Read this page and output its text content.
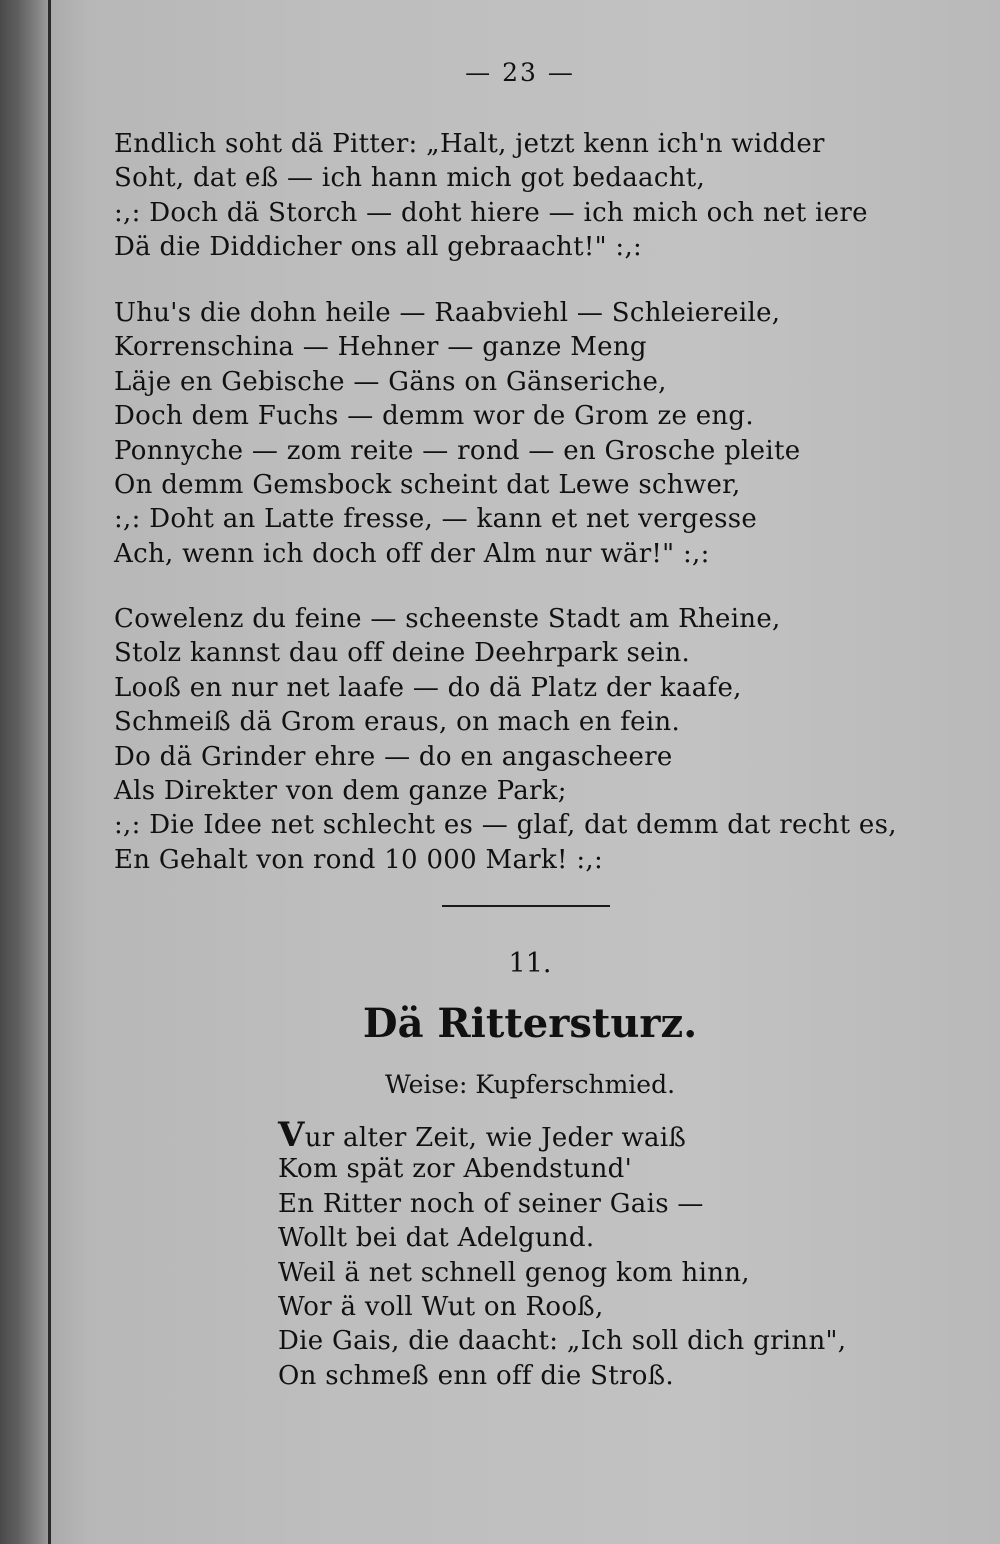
— 23 —
Endlich soht dä Pitter: „Halt, jetzt kenn ich'n widder
Soht, dat eß — ich hann mich got bedaacht,
:,: Doch dä Storch — doht hiere — ich mich och net iere
Dä die Diddicher ons all gebraacht!" :,:
Uhu's die dohn heile — Raabviehl — Schleiereile,
Korrenschina — Hehner — ganze Meng
Läje en Gebische — Gäns on Gänseriche,
Doch dem Fuchs — demm wor de Grom ze eng.
Ponnyche — zom reite — rond — en Grosche pleite
On demm Gemsbock scheint dat Lewe schwer,
:,: Doht an Latte fresse, — kann et net vergesse
Ach, wenn ich doch off der Alm nur wär!" :,:
Cowelenz du feine — scheenste Stadt am Rheine,
Stolz kannst dau off deine Deehrpark sein.
Looß en nur net laafe — do dä Platz der kaafe,
Schmeiß dä Grom eraus, on mach en fein.
Do dä Grinder ehre — do en angascheere
Als Direkter von dem ganze Park;
:,: Die Idee net schlecht es — glaf, dat demm dat recht es,
En Gehalt von rond 10 000 Mark! :,:
11.
Dä Rittersturz.
Weise: Kupferschmied.
Vur alter Zeit, wie Jeder waiß
Kom spät zor Abendstund'
En Ritter noch of seiner Gais —
Wollt bei dat Adelgund.
Weil ä net schnell genog kom hinn,
Wor ä voll Wut on Rooß,
Die Gais, die daacht: „Ich soll dich grinn",
On schmeß enn off die Stroß.
